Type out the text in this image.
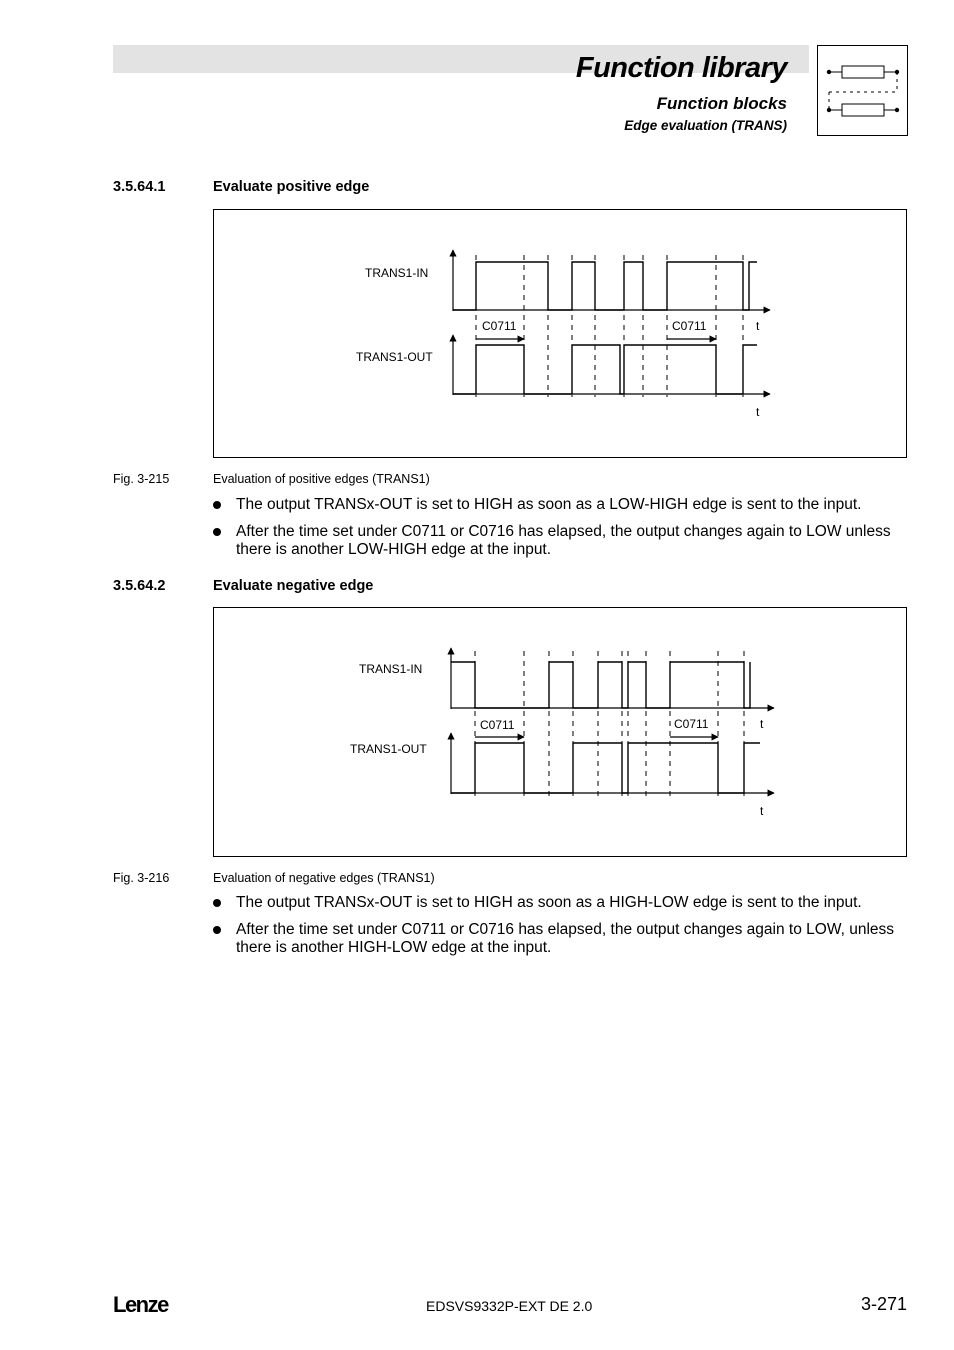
Function library
Function blocks
Edge evaluation (TRANS)
3.5.64.1	Evaluate positive edge
TRANS1-IN
TRANS1-OUT
C0711	C0711	t
t
Fig. 3-215	Evaluation of positive edges (TRANS1)
The output TRANSx-OUT is set to HIGH as soon as a LOW-HIGH edge is sent to the input.
After the time set under C0711 or C0716 has elapsed, the output changes again to LOW unless there is another LOW-HIGH edge at the input.
3.5.64.2	Evaluate negative edge
TRANS1-IN
TRANS1-OUT
C0711	C0711	t
t
Fig. 3-216	Evaluation of negative edges (TRANS1)
The output TRANSx-OUT is set to HIGH as soon as a HIGH-LOW edge is sent to the input.
After the time set under C0711 or C0716 has elapsed, the output changes again to LOW, unless there is another HIGH-LOW edge at the input.
Lenze	EDSVS9332P-EXT DE 2.0	3-271
